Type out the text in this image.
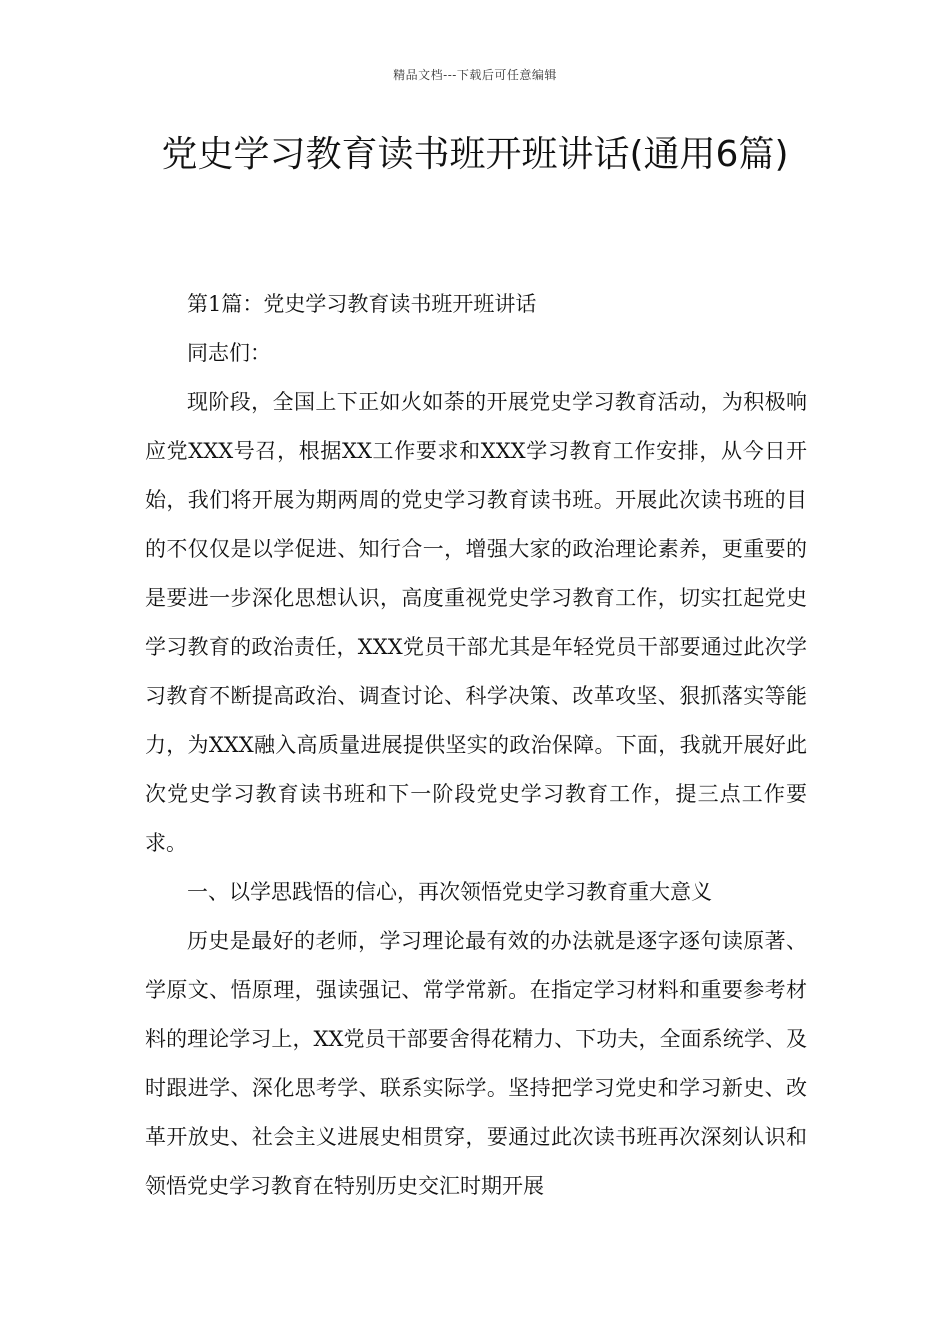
精品文档---下载后可任意编辑
党史学习教育读书班开班讲话(通用6篇)

第1篇：党史学习教育读书班开班讲话

同志们：

现阶段，全国上下正如火如荼的开展党史学习教育活动，为积极响应党XXX号召，根据XX工作要求和XXX学习教育工作安排，从今日开始，我们将开展为期两周的党史学习教育读书班。开展此次读书班的目的不仅仅是以学促进、知行合一，增强大家的政治理论素养，更重要的是要进一步深化思想认识，高度重视党史学习教育工作，切实扛起党史学习教育的政治责任，XXX党员干部尤其是年轻党员干部要通过此次学习教育不断提高政治、调查讨论、科学决策、改革攻坚、狠抓落实等能力，为XXX融入高质量进展提供坚实的政治保障。下面，我就开展好此次党史学习教育读书班和下一阶段党史学习教育工作，提三点工作要求。

一、以学思践悟的信心，再次领悟党史学习教育重大意义

历史是最好的老师，学习理论最有效的办法就是逐字逐句读原著、学原文、悟原理，强读强记、常学常新。在指定学习材料和重要参考材料的理论学习上，XX党员干部要舍得花精力、下功夫，全面系统学、及时跟进学、深化思考学、联系实际学。坚持把学习党史和学习新史、改革开放史、社会主义进展史相贯穿，要通过此次读书班再次深刻认识和领悟党史学习教育在特别历史交汇时期开展
